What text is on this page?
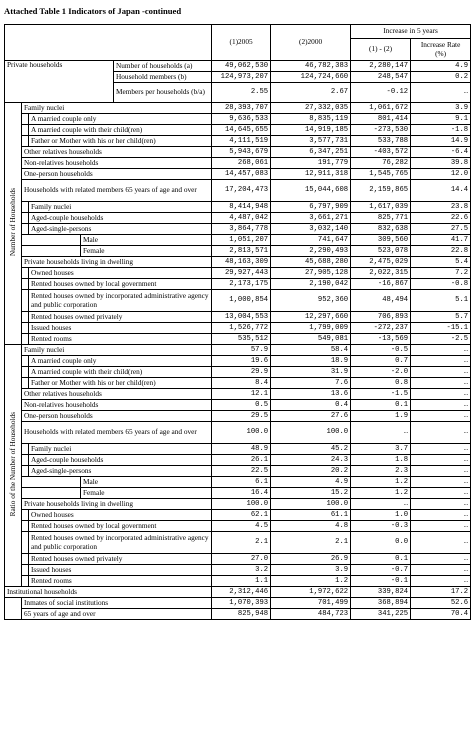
Attached Table 1 Indicators of Japan -continued
					(1)2005	(2)2000	Increase in 5 years	
							(1) - (2)	Increase Rate
(%)
Private households				Number of households (a)	49,062,530	46,782,383	2,280,147	4.9
				Household members (b)	124,973,207	124,724,660	248,547	0.2
				Members per households (b/a)	2.55	2.67	-0.12	…
Number of Households	Family nuclei				28,393,707	27,332,035	1,061,672	3.9
		A married couple only			9,636,533	8,835,119	801,414	9.1
		A married couple with their child(ren)			14,645,655	14,919,185	-273,530	-1.8
		Father or Mother with his or her child(ren)			4,111,519	3,577,731	533,788	14.9
	Other relatives households				5,943,679	6,347,251	-403,572	-6.4
	Non-relatives households				268,061	191,779	76,282	39.8
	One-person households				14,457,083	12,911,318	1,545,765	12.0
	Households with related members 65 years of age and over				17,204,473	15,044,608	2,159,865	14.4
		Family nuclei			8,414,948	6,797,909	1,617,039	23.8
		Aged-couple households			4,487,042	3,661,271	825,771	22.6
		Aged-single-persons			3,864,778	3,032,140	832,638	27.5
			Male		1,051,207	741,647	309,560	41.7
			Female		2,813,571	2,290,493	523,078	22.8
	Private households living in dwelling				48,163,309	45,688,280	2,475,029	5.4
		Owned houses			29,927,443	27,905,128	2,022,315	7.2
		Rented houses owned by local government			2,173,175	2,190,042	-16,867	-0.8
		Rented houses owned by incorporated administrative agency and public corporation			1,000,854	952,360	48,494	5.1
		Rented houses owned privately			13,004,553	12,297,660	706,893	5.7
		Issued houses			1,526,772	1,799,009	-272,237	-15.1
		Rented rooms			535,512	549,081	-13,569	-2.5
Ratio of the Number of Households	Family nuclei				57.9	58.4	-0.5	…
		A married couple only			19.6	18.9	0.7	…
		A married couple with their child(ren)			29.9	31.9	-2.0	…
		Father or Mother with his or her child(ren)			8.4	7.6	0.8	…
	Other relatives households				12.1	13.6	-1.5	…
	Non-relatives households				0.5	0.4	0.1	…
	One-person households				29.5	27.6	1.9	…
	Households with related members 65 years of age and over				100.0	100.0	…	…
		Family nuclei			48.9	45.2	3.7	…
		Aged-couple households			26.1	24.3	1.8	…
		Aged-single-persons			22.5	20.2	2.3	…
			Male		6.1	4.9	1.2	…
			Female		16.4	15.2	1.2	…
	Private households living in dwelling				100.0	100.0	…	…
		Owned houses			62.1	61.1	1.0	…
		Rented houses owned by local government			4.5	4.8	-0.3	…
		Rented houses owned by incorporated administrative agency and public corporation			2.1	2.1	0.0	…
		Rented houses owned privately			27.0	26.9	0.1	…
		Issued houses			3.2	3.9	-0.7	…
		Rented rooms			1.1	1.2	-0.1	…
Institutional households					2,312,446	1,972,622	339,824	17.2
	Inmates of social institutions				1,070,393	701,499	368,894	52.6
	65 years of age and over				825,948	484,723	341,225	70.4
